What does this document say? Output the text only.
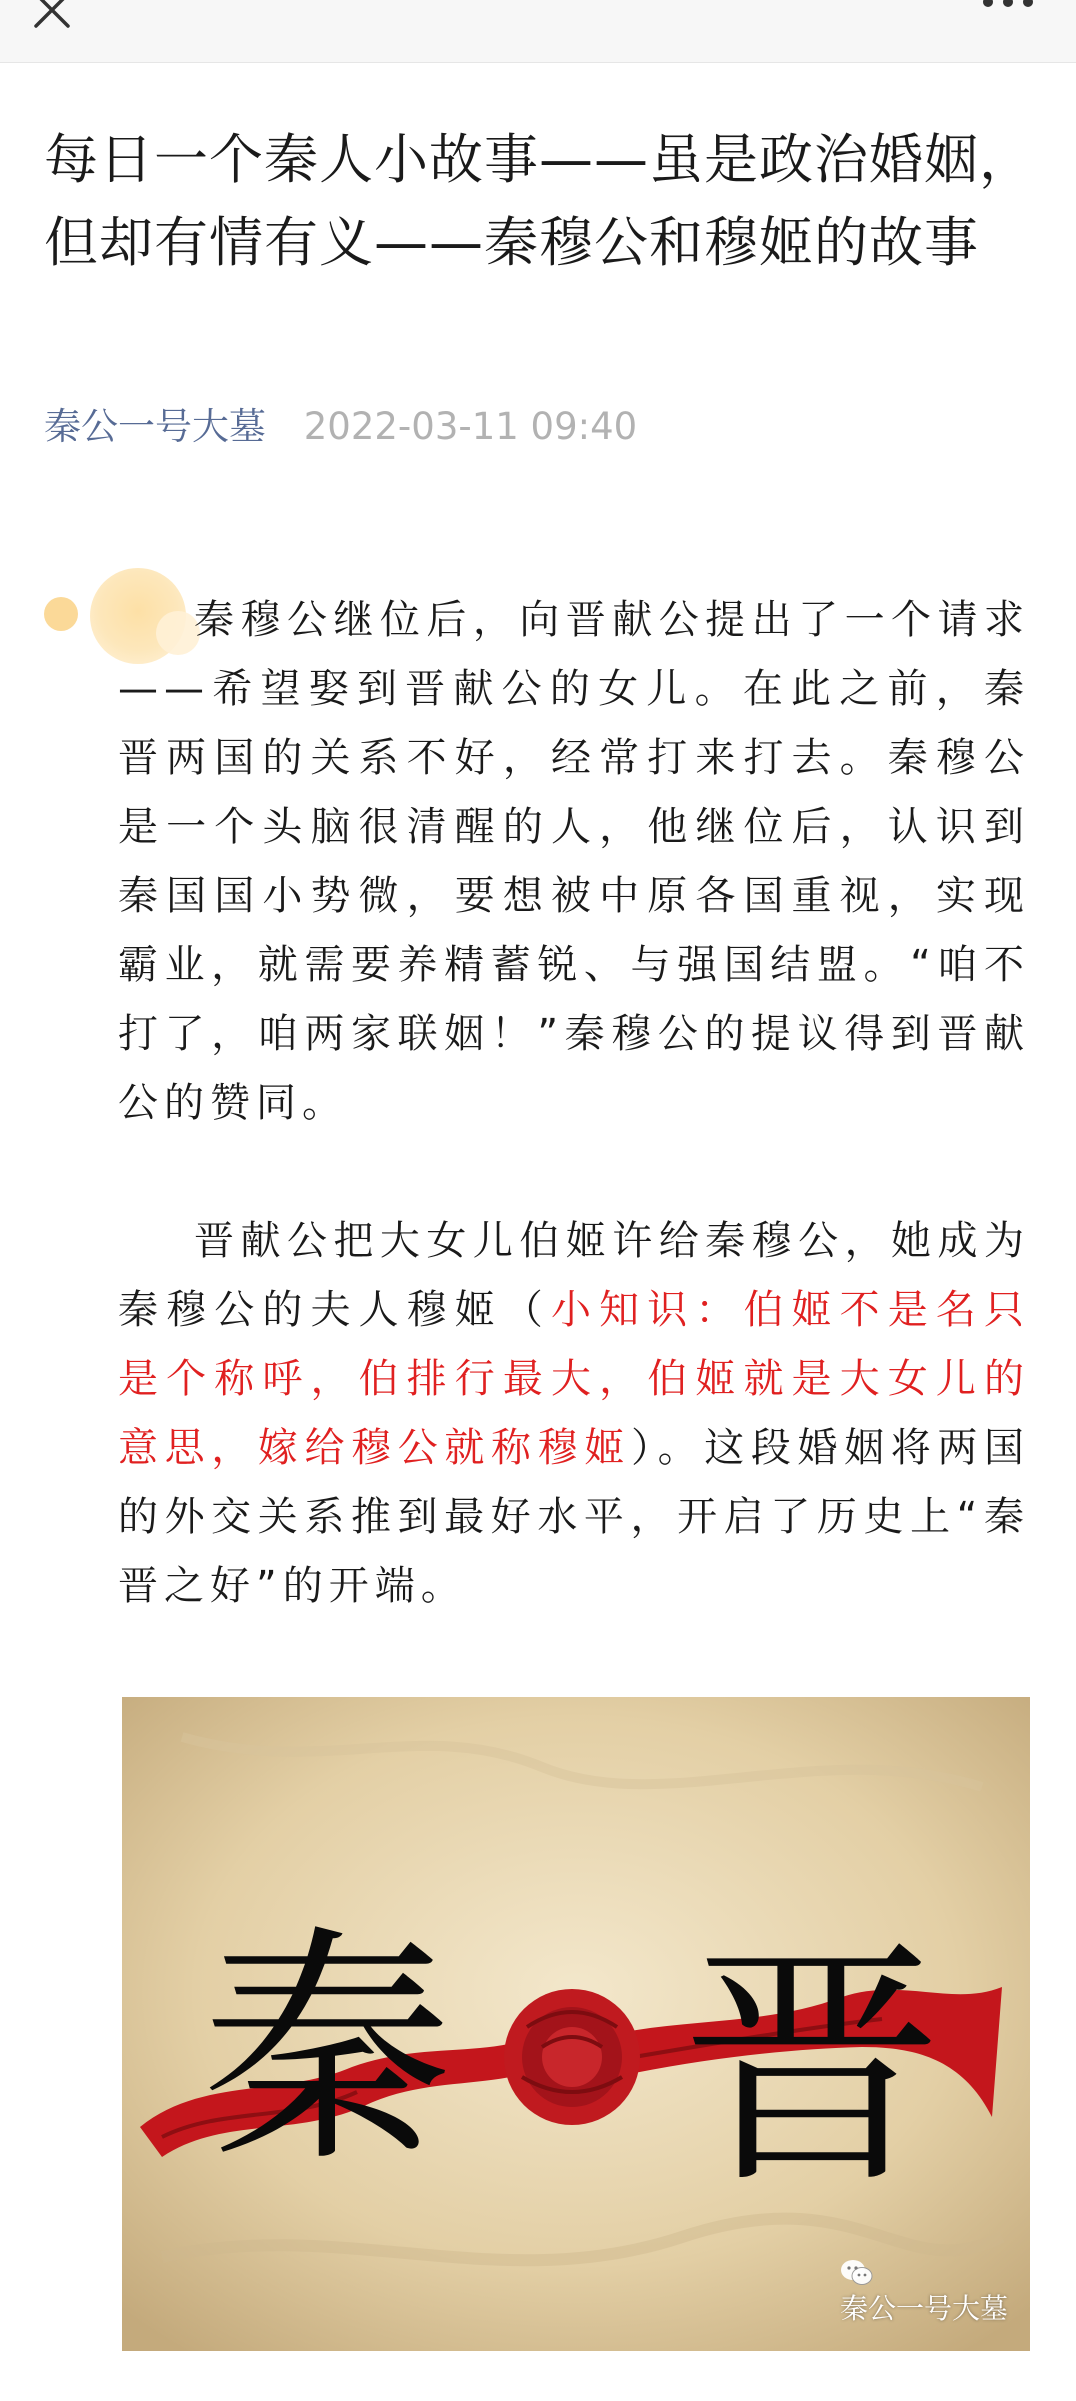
每日一个秦人小故事——虽是政治婚姻，但却有情有义——秦穆公和穆姬的故事
秦公一号大墓 2022-03-11 09:40

秦穆公继位后，向晋献公提出了一个请求——希望娶到晋献公的女儿。在此之前，秦晋两国的关系不好，经常打来打去。秦穆公是一个头脑很清醒的人，他继位后，认识到秦国国小势微，要想被中原各国重视，实现霸业，就需要养精蓄锐、与强国结盟。“咱不打了，咱两家联姻！”秦穆公的提议得到晋献公的赞同。

晋献公把大女儿伯姬许给秦穆公，她成为秦穆公的夫人穆姬（小知识：伯姬不是名只是个称呼，伯排行最大，伯姬就是大女儿的意思，嫁给穆公就称穆姬）。这段婚姻将两国的外交关系推到最好水平，开启了历史上“秦晋之好”的开端。

秦 晋
秦公一号大墓
